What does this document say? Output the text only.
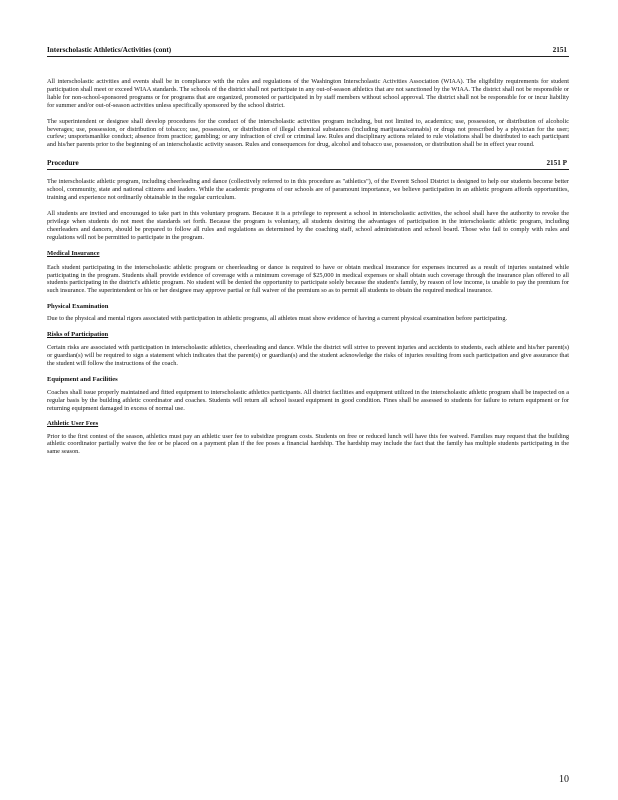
Interscholastic Athletics/Activities (cont)	2151

All interscholastic activities and events shall be in compliance with the rules and regulations of the Washington Interscholastic Activities Association (WIAA). The eligibility requirements for student participation shall meet or exceed WIAA standards. The schools of the district shall not participate in any out-of-season athletics that are not sanctioned by the WIAA. The district shall not be responsible or liable for non-school-sponsored programs or for programs that are organized, promoted or participated in by staff members without school approval. The district shall not be responsible for or incur liability for summer and/or out-of-season activities unless specifically sponsored by the school district.

The superintendent or designee shall develop procedures for the conduct of the interscholastic activities program including, but not limited to, academics; use, possession, or distribution of alcoholic beverages; use, possession, or distribution of tobacco; use, possession, or distribution of illegal chemical substances (including marijuana/cannabis) or drugs not prescribed by a physician for the user; curfew; unsportsmanlike conduct; absence from practice; gambling; or any infraction of civil or criminal law. Rules and disciplinary actions related to rule violations shall be distributed to each participant and his/her parents prior to the beginning of an interscholastic activity season. Rules and consequences for drug, alcohol and tobacco use, possession, or distribution shall be in effect year round.

Procedure	2151 P

The interscholastic athletic program, including cheerleading and dance (collectively referred to in this procedure as "athletics"), of the Everett School District is designed to help our students become better school, community, state and national citizens and leaders. While the academic programs of our schools are of paramount importance, we believe participation in an athletic program affords opportunities, training and experience not ordinarily obtainable in the regular curriculum.

All students are invited and encouraged to take part in this voluntary program. Because it is a privilege to represent a school in interscholastic activities, the school shall have the authority to revoke the privilege when students do not meet the standards set forth. Because the program is voluntary, all students desiring the advantages of participation in the interscholastic athletic program, including cheerleaders and dancers, should be prepared to follow all rules and regulations as determined by the coaching staff, school administration and school board. Those who fail to comply with rules and regulations will not be permitted to participate in the program.

Medical Insurance

Each student participating in the interscholastic athletic program or cheerleading or dance is required to have or obtain medical insurance for expenses incurred as a result of injuries sustained while participating in the program. Students shall provide evidence of coverage with a minimum coverage of $25,000 in medical expenses or shall obtain such coverage through the insurance plan offered to all students participating in the district's athletic program. No student will be denied the opportunity to participate solely because the student's family, by reason of low income, is unable to pay the premium for such insurance. The superintendent or his or her designee may approve partial or full waiver of the premium so as to permit all students to obtain the required medical insurance.

Physical Examination

Due to the physical and mental rigors associated with participation in athletic programs, all athletes must show evidence of having a current physical examination before participating.

Risks of Participation

Certain risks are associated with participation in interscholastic athletics, cheerleading and dance. While the district will strive to prevent injuries and accidents to students, each athlete and his/her parent(s) or guardian(s) will be required to sign a statement which indicates that the parent(s) or guardian(s) and the student acknowledge the risks of injuries resulting from such participation and give assurance that the student will follow the instructions of the coach.

Equipment and Facilities

Coaches shall issue properly maintained and fitted equipment to interscholastic athletics participants. All district facilities and equipment utilized in the interscholastic athletic program shall be inspected on a regular basis by the building athletic coordinator and coaches. Students will return all school issued equipment in good condition. Fines shall be assessed to students for failure to return equipment or for returning equipment damaged in excess of normal use.

Athletic User Fees

Prior to the first contest of the season, athletics must pay an athletic user fee to subsidize program costs. Students on free or reduced lunch will have this fee waived. Families may request that the building athletic coordinator partially waive the fee or be placed on a payment plan if the fee poses a financial hardship. The hardship may include the fact that the family has multiple students participating in the same season.

10
